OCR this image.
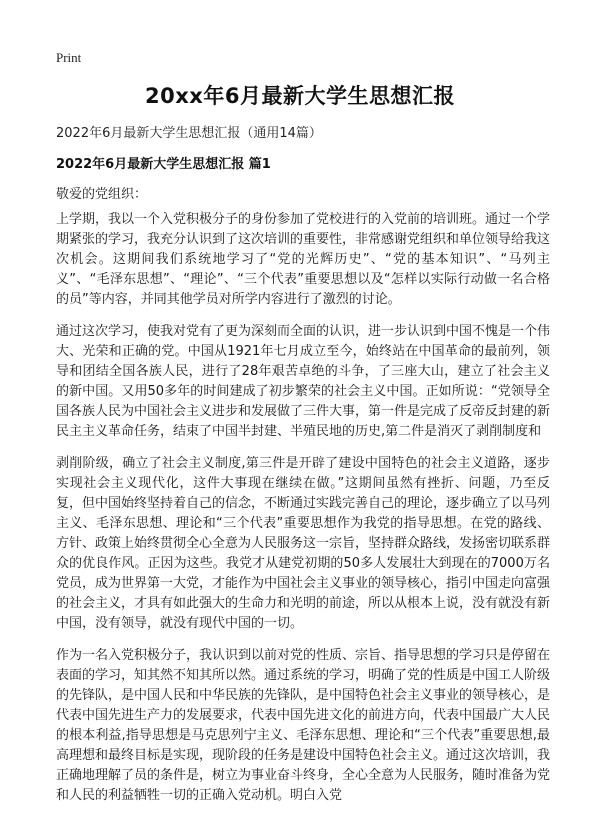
Print
20xx年6月最新大学生思想汇报
2022年6月最新大学生思想汇报（通用14篇）
2022年6月最新大学生思想汇报 篇1
敬爱的党组织：

上学期，我以一个入党积极分子的身份参加了党校进行的入党前的培训班。通过一个学期紧张的学习，我充分认识到了这次培训的重要性，非常感谢党组织和单位领导给我这次机会。这期间我们系统地学习了“党的光辉历史”、“党的基本知识”、“马列主义”、“毛泽东思想”、“理论”、“三个代表”重要思想以及“怎样以实际行动做一名合格的员”等内容，并同其他学员对所学内容进行了激烈的讨论。

通过这次学习，使我对党有了更为深刻而全面的认识，进一步认识到中国不愧是一个伟大、光荣和正确的党。中国从1921年七月成立至今，始终站在中国革命的最前列，领导和团结全国各族人民，进行了28年艰苦卓绝的斗争，了三座大山，建立了社会主义的新中国。又用50多年的时间建成了初步繁荣的社会主义中国。正如所说：“党领导全国各族人民为中国社会主义进步和发展做了三件大事，第一件是完成了反帝反封建的新民主主义革命任务，结束了中国半封建、半殖民地的历史,第二件是消灭了剥削制度和

剥削阶级，确立了社会主义制度,第三件是开辟了建设中国特色的社会主义道路，逐步实现社会主义现代化，这件大事现在继续在做。”这期间虽然有挫折、问题，乃至反复，但中国始终坚持着自己的信念，不断通过实践完善自己的理论，逐步确立了以马列主义、毛泽东思想、理论和“三个代表”重要思想作为我党的指导思想。在党的路线、方针、政策上始终贯彻全心全意为人民服务这一宗旨，坚持群众路线，发扬密切联系群众的优良作风。正因为这些。我党才从建党初期的50多人发展壮大到现在的7000万名党员，成为世界第一大党，才能作为中国社会主义事业的领导核心，指引中国走向富强的社会主义，才具有如此强大的生命力和光明的前途，所以从根本上说，没有就没有新中国，没有领导，就没有现代中国的一切。

作为一名入党积极分子，我认识到以前对党的性质、宗旨、指导思想的学习只是停留在表面的学习，知其然不知其所以然。通过系统的学习，明确了党的性质是中国工人阶级的先锋队，是中国人民和中华民族的先锋队，是中国特色社会主义事业的领导核心，是代表中国先进生产力的发展要求，代表中国先进文化的前进方向，代表中国最广大人民的根本利益,指导思想是马克思列宁主义、毛泽东思想、理论和“三个代表”重要思想,最高理想和最终目标是实现，现阶段的任务是建设中国特色社会主义。通过这次培训，我正确地理解了员的条件是，树立为事业奋斗终身，全心全意为人民服务，随时准备为党和人民的利益牺牲一切的正确入党动机。明白入党
